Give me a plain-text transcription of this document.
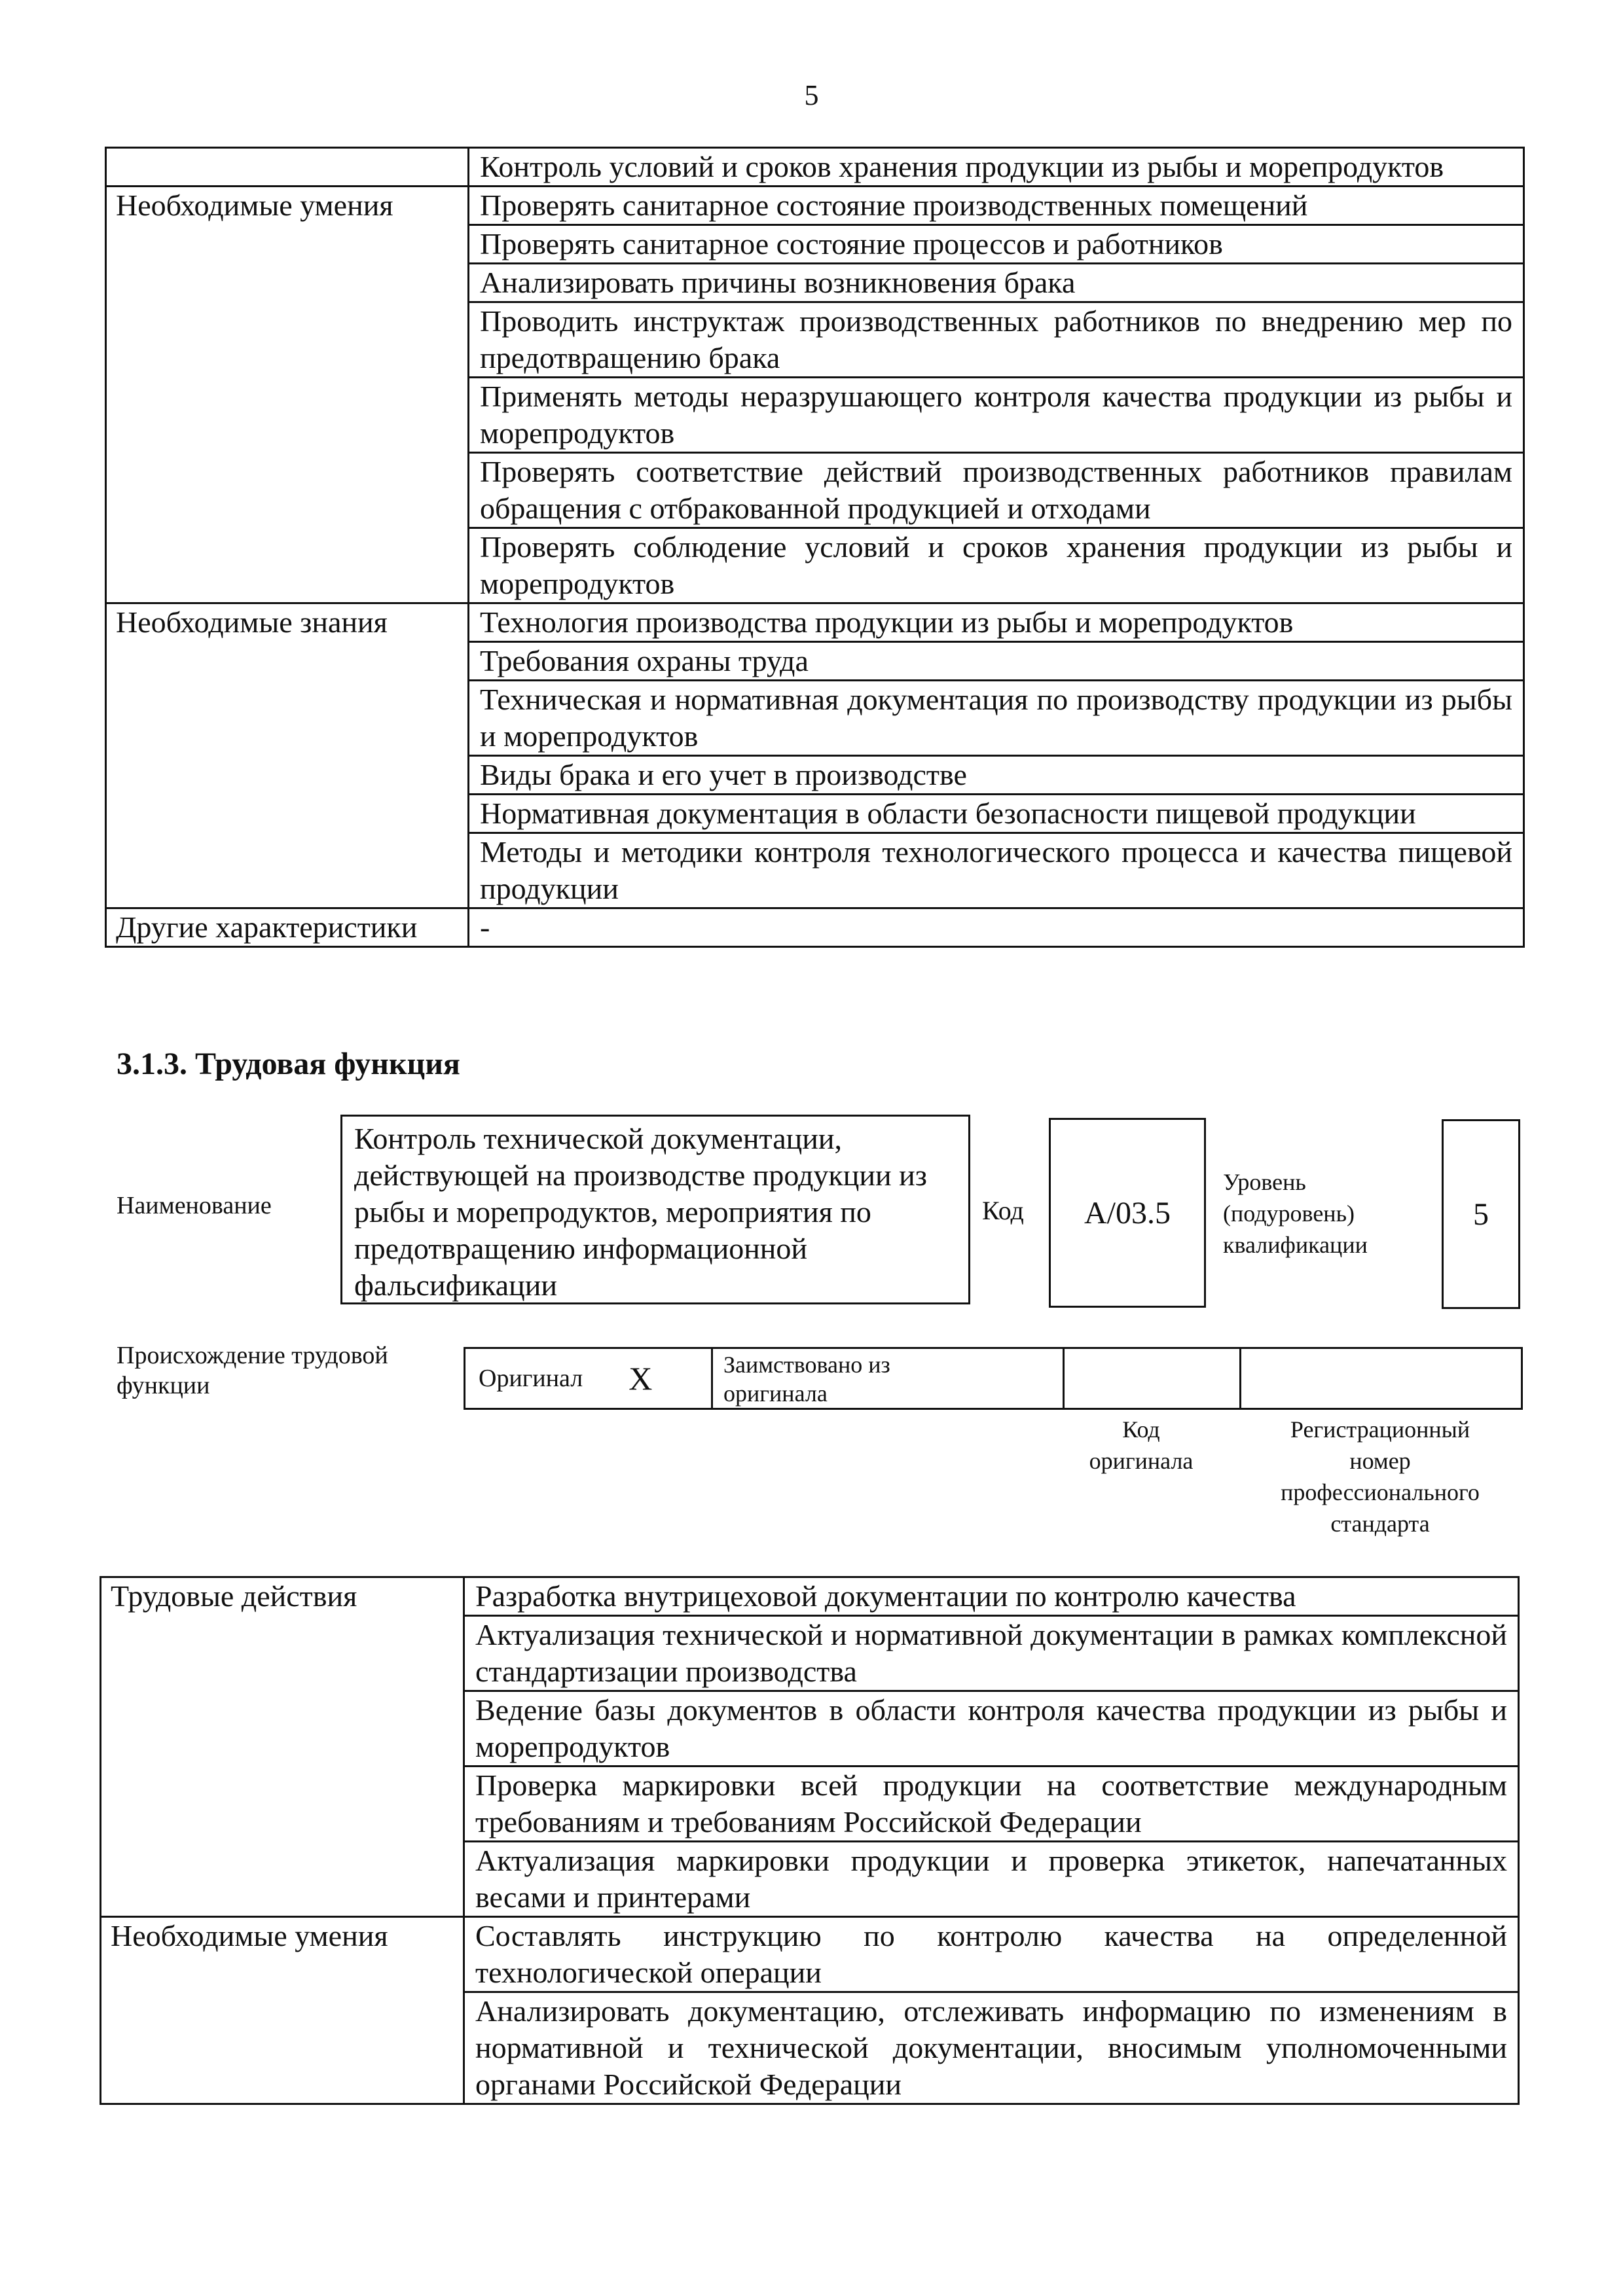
5
	Контроль условий и сроков хранения продукции из рыбы и морепродуктов
Необходимые умения	Проверять санитарное состояние производственных помещений
	Проверять санитарное состояние процессов и работников
	Анализировать причины возникновения брака
	Проводить инструктаж производственных работников по внедрению мер по предотвращению брака
	Применять методы неразрушающего контроля качества продукции из рыбы и морепродуктов
	Проверять соответствие действий производственных работников правилам обращения с отбракованной продукцией и отходами
	Проверять соблюдение условий и сроков хранения продукции из рыбы и морепродуктов
Необходимые знания	Технология производства продукции из рыбы и морепродуктов
	Требования охраны труда
	Техническая и нормативная документация по производству продукции из рыбы и морепродуктов
	Виды брака и его учет в производстве
	Нормативная документация в области безопасности пищевой продукции
	Методы и методики контроля технологического процесса и качества пищевой продукции
Другие характеристики	-
3.1.3. Трудовая функция
Наименование
Контроль технической документации, действующей на производстве продукции из рыбы и морепродуктов, мероприятия по предотвращению информационной фальсификации
Код	А/03.5
Уровень
(подуровень)
квалификации
5
Происхождение трудовой
функции	Оригинал Х	Заимствовано из
оригинала
Код
оригинала
Регистрационный
номер
профессионального
стандарта
Трудовые действия	Разработка внутрицеховой документации по контролю качества
	Актуализация технической и нормативной документации в рамках комплексной стандартизации производства
	Ведение базы документов в области контроля качества продукции из рыбы и морепродуктов
	Проверка маркировки всей продукции на соответствие международным требованиям и требованиям Российской Федерации
	Актуализация маркировки продукции и проверка этикеток, напечатанных весами и принтерами
Необходимые умения	Составлять инструкцию по контролю качества на определенной технологической операции
	Анализировать документацию, отслеживать информацию по изменениям в нормативной и технической документации, вносимым уполномоченными органами Российской Федерации
